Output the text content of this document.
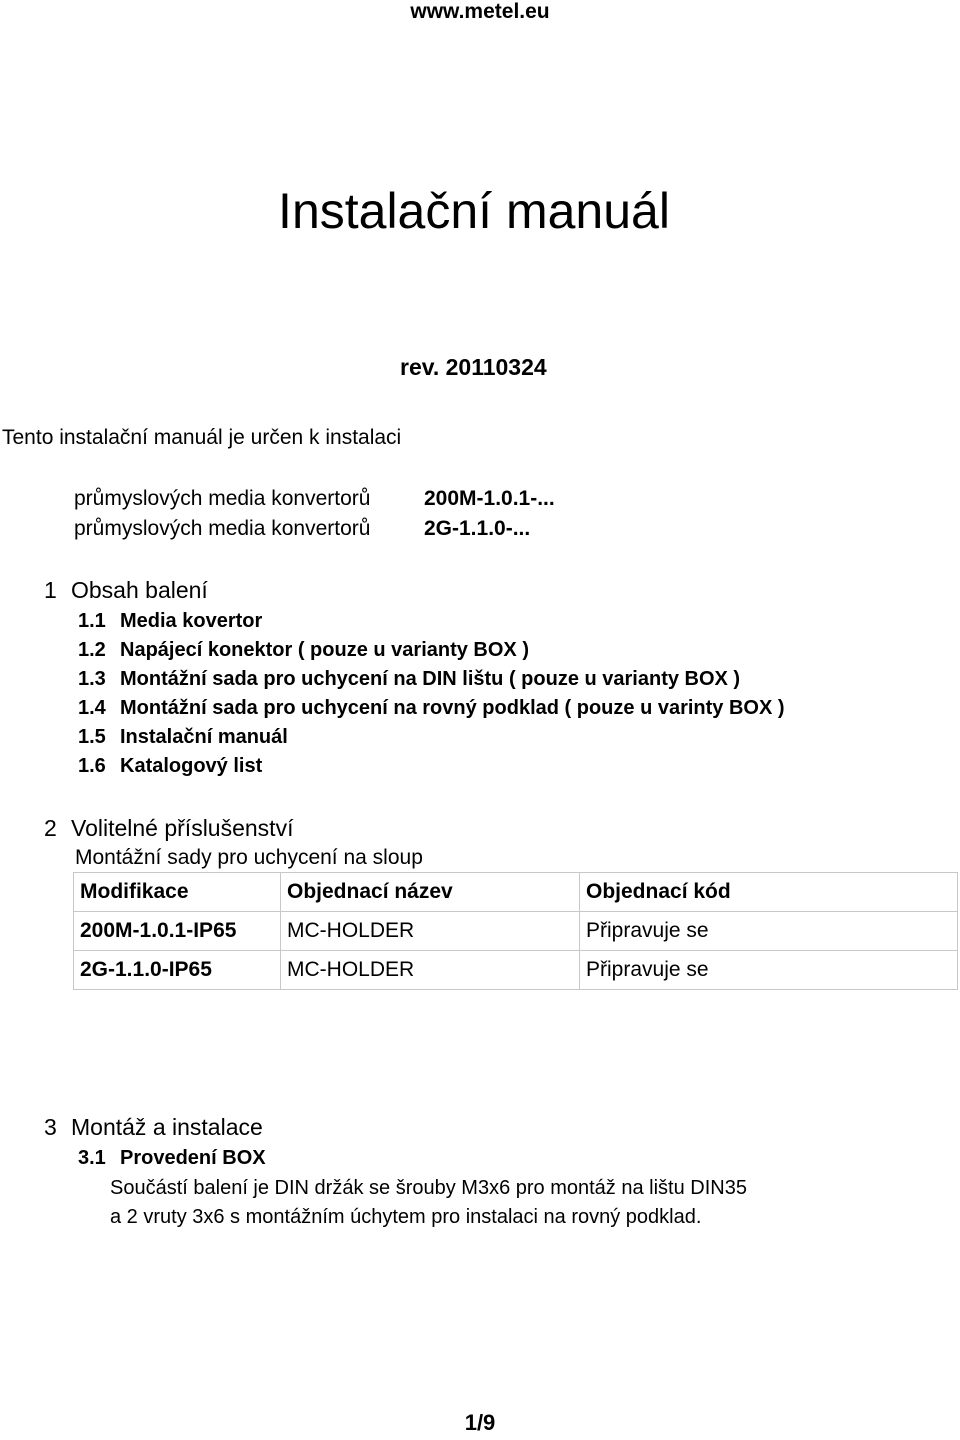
www.metel.eu
Instalační manuál
rev. 20110324
Tento instalační manuál je určen k instalaci
průmyslových media konvertorů	200M-1.0.1-...
průmyslových media konvertorů	2G-1.1.0-...
1 Obsah balení
1.1 Media kovertor
1.2 Napájecí konektor ( pouze u varianty BOX )
1.3 Montážní sada pro uchycení na DIN lištu ( pouze u varianty BOX )
1.4 Montážní sada pro uchycení na rovný podklad ( pouze u varinty BOX )
1.5 Instalační manuál
1.6 Katalogový list
2 Volitelné příslušenství
Montážní sady pro uchycení na sloup
Modifikace	Objednací název	Objednací kód
200M-1.0.1-IP65	MC-HOLDER	Připravuje se
2G-1.1.0-IP65	MC-HOLDER	Připravuje se
3 Montáž a instalace
3.1 Provedení BOX
Součástí balení je DIN držák se šrouby M3x6 pro montáž na lištu DIN35
a 2 vruty 3x6 s montážním úchytem pro instalaci na rovný podklad.
1/9
